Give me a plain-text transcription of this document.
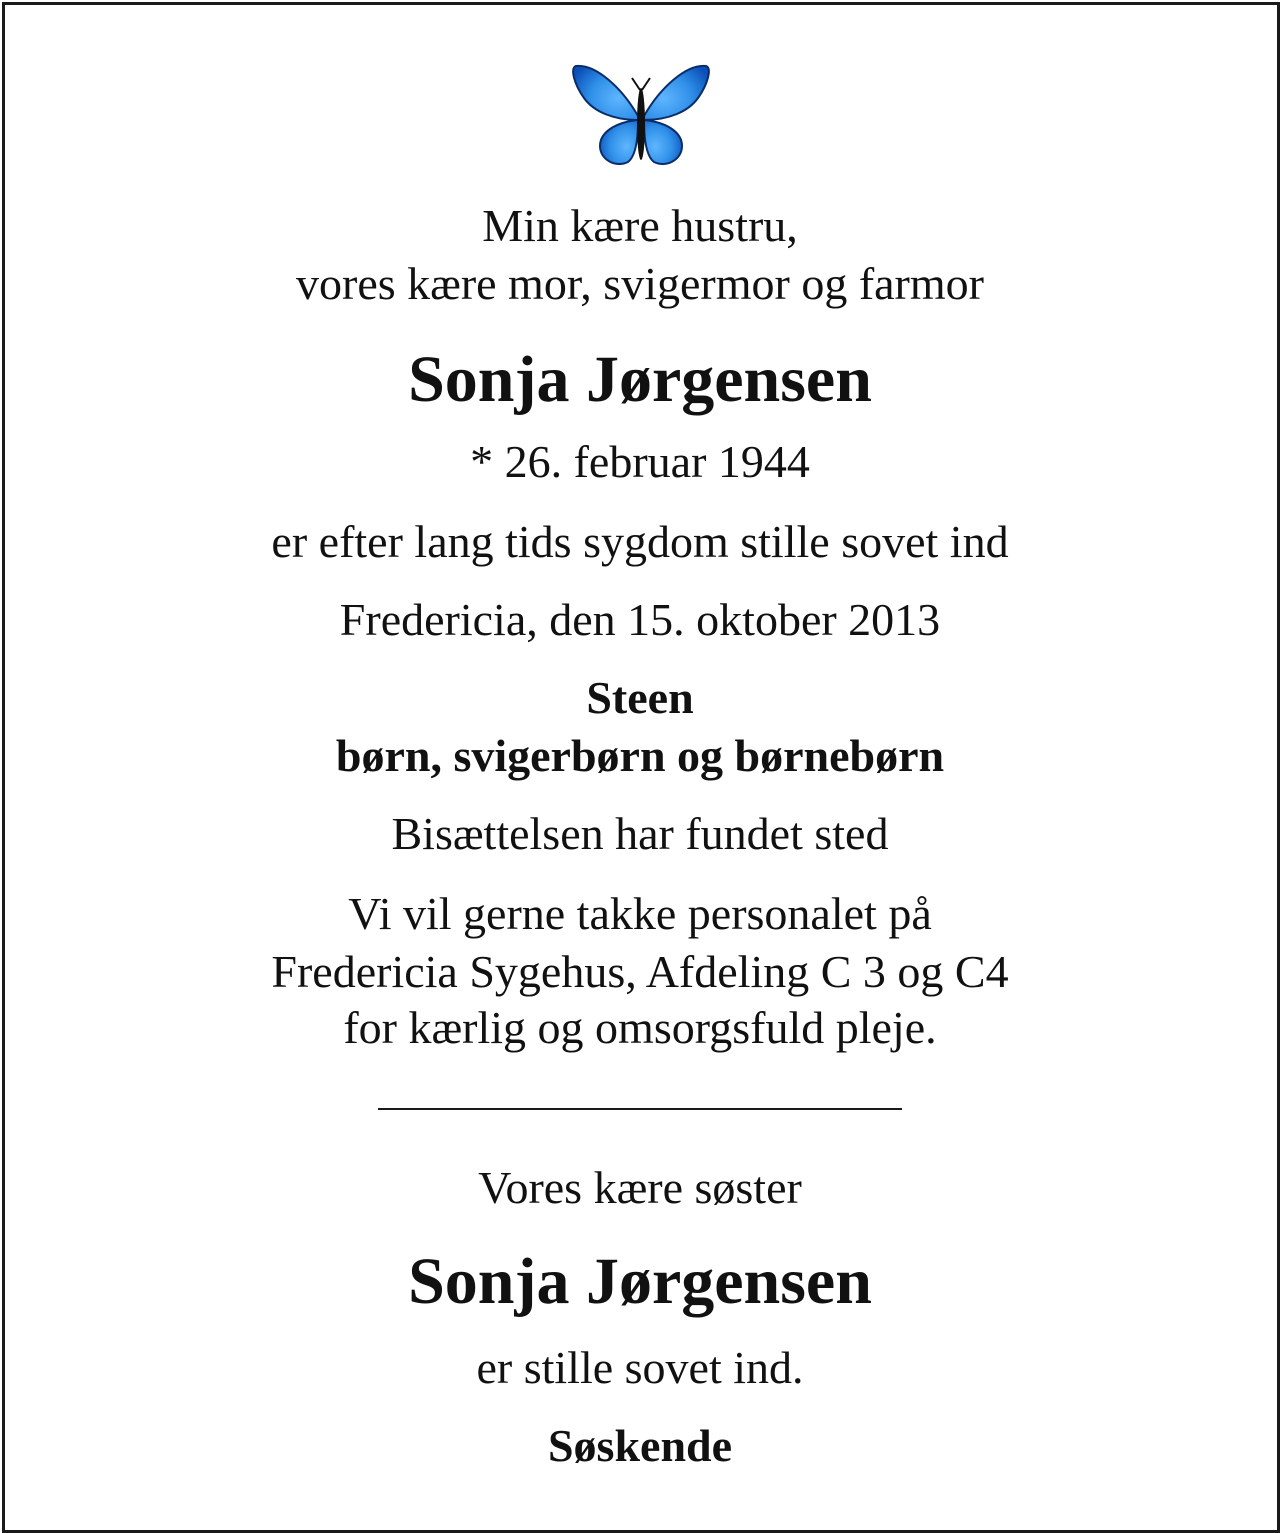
Min kære hustru,
vores kære mor, svigermor og farmor
Sonja Jørgensen
* 26. februar 1944
er efter lang tids sygdom stille sovet ind
Fredericia, den 15. oktober 2013
Steen
børn, svigerbørn og børnebørn
Bisættelsen har fundet sted
Vi vil gerne takke personalet på
Fredericia Sygehus, Afdeling C 3 og C4
for kærlig og omsorgsfuld pleje.
Vores kære søster
Sonja Jørgensen
er stille sovet ind.
Søskende
